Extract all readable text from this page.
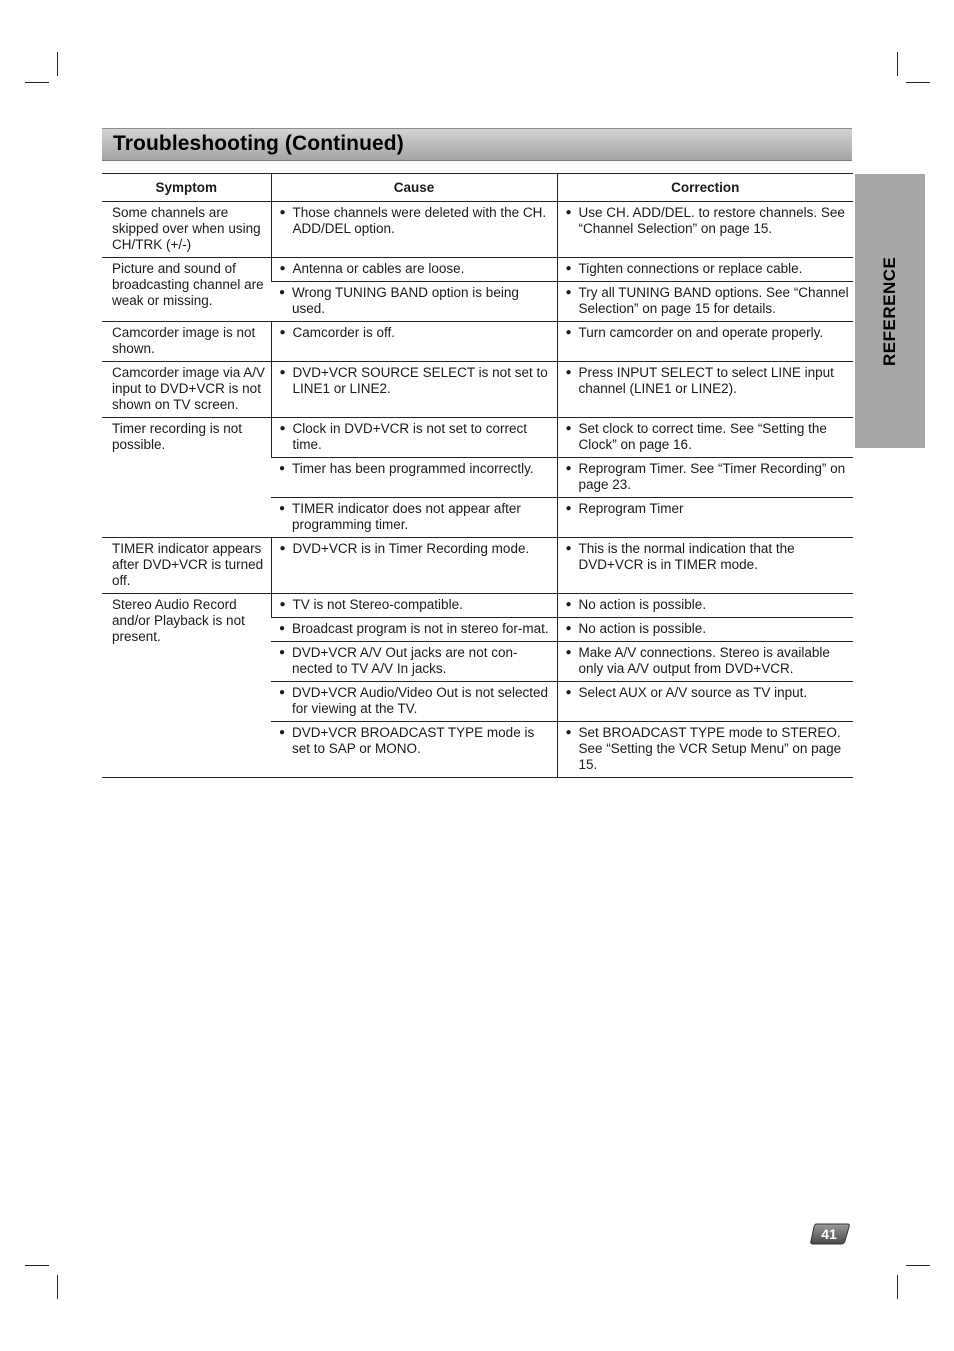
Troubleshooting (Continued)
REFERENCE
Symptom	Cause	Correction
Some channels are skipped over when using CH/TRK (+/-)	● Those channels were deleted with the CH. ADD/DEL option.	● Use CH. ADD/DEL. to restore channels. See “Channel Selection” on page 15.

Picture and sound of broadcasting channel are weak or missing.	● Antenna or cables are loose.	● Tighten connections or replace cable.

	● Wrong TUNING BAND option is being used.	● Try all TUNING BAND options. See “Channel Selection” on page 15 for details.

Camcorder image is not shown.	● Camcorder is off.	● Turn camcorder on and operate properly.

Camcorder image via A/V input to DVD+VCR is not shown on TV screen.	● DVD+VCR SOURCE SELECT is not set to LINE1 or LINE2.	● Press INPUT SELECT to select LINE input channel (LINE1 or LINE2).

Timer recording is not possible.	● Clock in DVD+VCR is not set to correct time.	● Set clock to correct time. See “Setting the Clock” on page 16.

	● Timer has been programmed incorrectly.	● Reprogram Timer. See “Timer Recording” on page 23.

	● TIMER indicator does not appear after programming timer.	● Reprogram Timer

TIMER indicator appears after DVD+VCR is turned off.	● DVD+VCR is in Timer Recording mode.	● This is the normal indication that the DVD+VCR is in TIMER mode.

Stereo Audio Record and/or Playback is not present.	● TV is not Stereo-compatible.	● No action is possible.

	● Broadcast program is not in stereo for-mat.	● No action is possible.

	● DVD+VCR A/V Out jacks are not con-nected to TV A/V In jacks.	● Make A/V connections. Stereo is available only via A/V output from DVD+VCR.

	● DVD+VCR Audio/Video Out is not selected for viewing at the TV.	● Select AUX or A/V source as TV input.

	● DVD+VCR BROADCAST TYPE mode is set to SAP or MONO.	● Set BROADCAST TYPE mode to STEREO. See “Setting the VCR Setup Menu” on page 15.
41
